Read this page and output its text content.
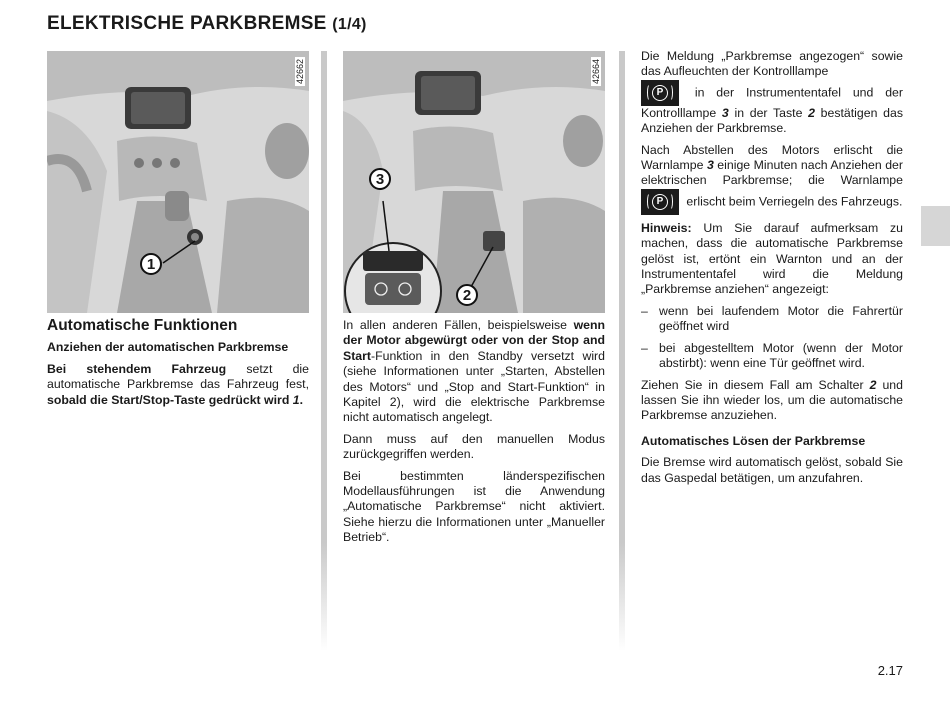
ELEKTRISCHE PARKBREMSE (1/4)
42662
1
42664
3
2
Automatische Funktionen
Anziehen der automatischen Parkbremse

Bei stehendem Fahrzeug setzt die automatische Parkbremse das Fahrzeug fest, sobald die Start/Stop-Taste gedrückt wird 1.

In allen anderen Fällen, beispielsweise wenn der Motor abgewürgt oder von der Stop and Start-Funktion in den Standby versetzt wird (siehe Informationen unter „Starten, Abstellen des Motors“ und „Stop and Start-Funktion“ in Kapitel 2), wird die elektrische Parkbremse nicht automatisch angelegt.

Dann muss auf den manuellen Modus zurückgegriffen werden.

Bei bestimmten länderspezifischen Modellausführungen ist die Anwendung „Automatische Parkbremse“ nicht aktiviert. Siehe hierzu die Informationen unter „Manueller Betrieb“.

Die Meldung „Parkbremse angezogen“ sowie das Aufleuchten der Kontrolllampe

P	in der Instrumententafel und der Kontrolllampe 3 in der Taste 2 bestätigen das Anziehen der Parkbremse.

Nach Abstellen des Motors erlischt die Warnlampe 3 einige Minuten nach Anziehen der elektrischen Parkbremse; die Warnlampe
P	erlischt beim Verriegeln des Fahrzeugs.

Hinweis: Um Sie darauf aufmerksam zu machen, dass die automatische Parkbremse gelöst ist, ertönt ein Warnton und an der Instrumententafel wird die Meldung „Parkbremse anziehen“ angezeigt:

– wenn bei laufendem Motor die Fahrertür geöffnet wird
– bei abgestelltem Motor (wenn der Motor abstirbt): wenn eine Tür geöffnet wird.

Ziehen Sie in diesem Fall am Schalter 2 und lassen Sie ihn wieder los, um die automatische Parkbremse anzuziehen.

Automatisches Lösen der Parkbremse

Die Bremse wird automatisch gelöst, sobald Sie das Gaspedal betätigen, um anzufahren.

2.17
